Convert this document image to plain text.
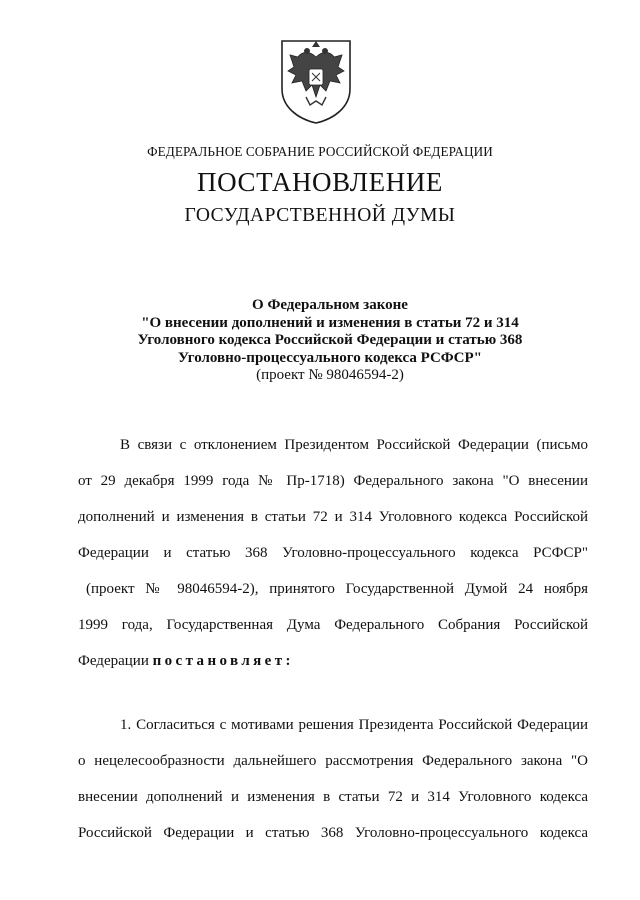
ФЕДЕРАЛЬНОЕ СОБРАНИЕ РОССИЙСКОЙ ФЕДЕРАЦИИ
ПОСТАНОВЛЕНИЕ
ГОСУДАРСТВЕННОЙ ДУМЫ
О Федеральном законе
"О внесении дополнений и изменения в статьи 72 и 314
Уголовного кодекса Российской Федерации и статью 368
Уголовно-процессуального кодекса РСФСР"
(проект № 98046594-2)
В связи с отклонением Президентом Российской Федерации (письмо
от 29 декабря 1999 года № Пр-1718) Федерального закона "О внесении
дополнений и изменения в статьи 72 и 314 Уголовного кодекса Российской
Федерации и статью 368 Уголовно-процессуального кодекса РСФСР"
(проект № 98046594-2), принятого Государственной Думой 24 ноября
1999 года, Государственная Дума Федерального Собрания Российской
Федерации постановляет:
1. Согласиться с мотивами решения Президента Российской Федерации
о нецелесообразности дальнейшего рассмотрения Федерального закона "О
внесении дополнений и изменения в статьи 72 и 314 Уголовного кодекса
Российской Федерации и статью 368 Уголовно-процессуального кодекса
